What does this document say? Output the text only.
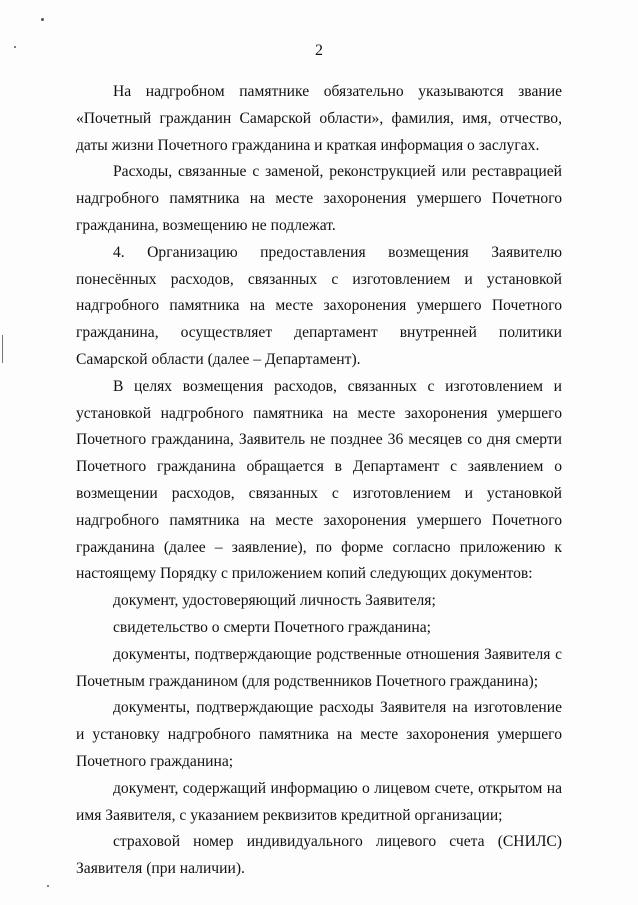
2

На надгробном памятнике обязательно указываются звание «Почетный гражданин Самарской области», фамилия, имя, отчество, даты жизни Почетного гражданина и краткая информация о заслугах.

Расходы, связанные с заменой, реконструкцией или реставрацией надгробного памятника на месте захоронения умершего Почетного гражданина, возмещению не подлежат.

4. Организацию предоставления возмещения Заявителю понесённых расходов, связанных с изготовлением и установкой надгробного памятника на месте захоронения умершего Почетного гражданина, осуществляет департамент внутренней политики Самарской области (далее – Департамент).

В целях возмещения расходов, связанных с изготовлением и установкой надгробного памятника на месте захоронения умершего Почетного гражданина, Заявитель не позднее 36 месяцев со дня смерти Почетного гражданина обращается в Департамент с заявлением о возмещении расходов, связанных с изготовлением и установкой надгробного памятника на месте захоронения умершего Почетного гражданина (далее – заявление), по форме согласно приложению к настоящему Порядку с приложением копий следующих документов:

документ, удостоверяющий личность Заявителя;

свидетельство о смерти Почетного гражданина;

документы, подтверждающие родственные отношения Заявителя с Почетным гражданином (для родственников Почетного гражданина);

документы, подтверждающие расходы Заявителя на изготовление и установку надгробного памятника на месте захоронения умершего Почетного гражданина;

документ, содержащий информацию о лицевом счете, открытом на имя Заявителя, с указанием реквизитов кредитной организации;

страховой номер индивидуального лицевого счета (СНИЛС) Заявителя (при наличии).
